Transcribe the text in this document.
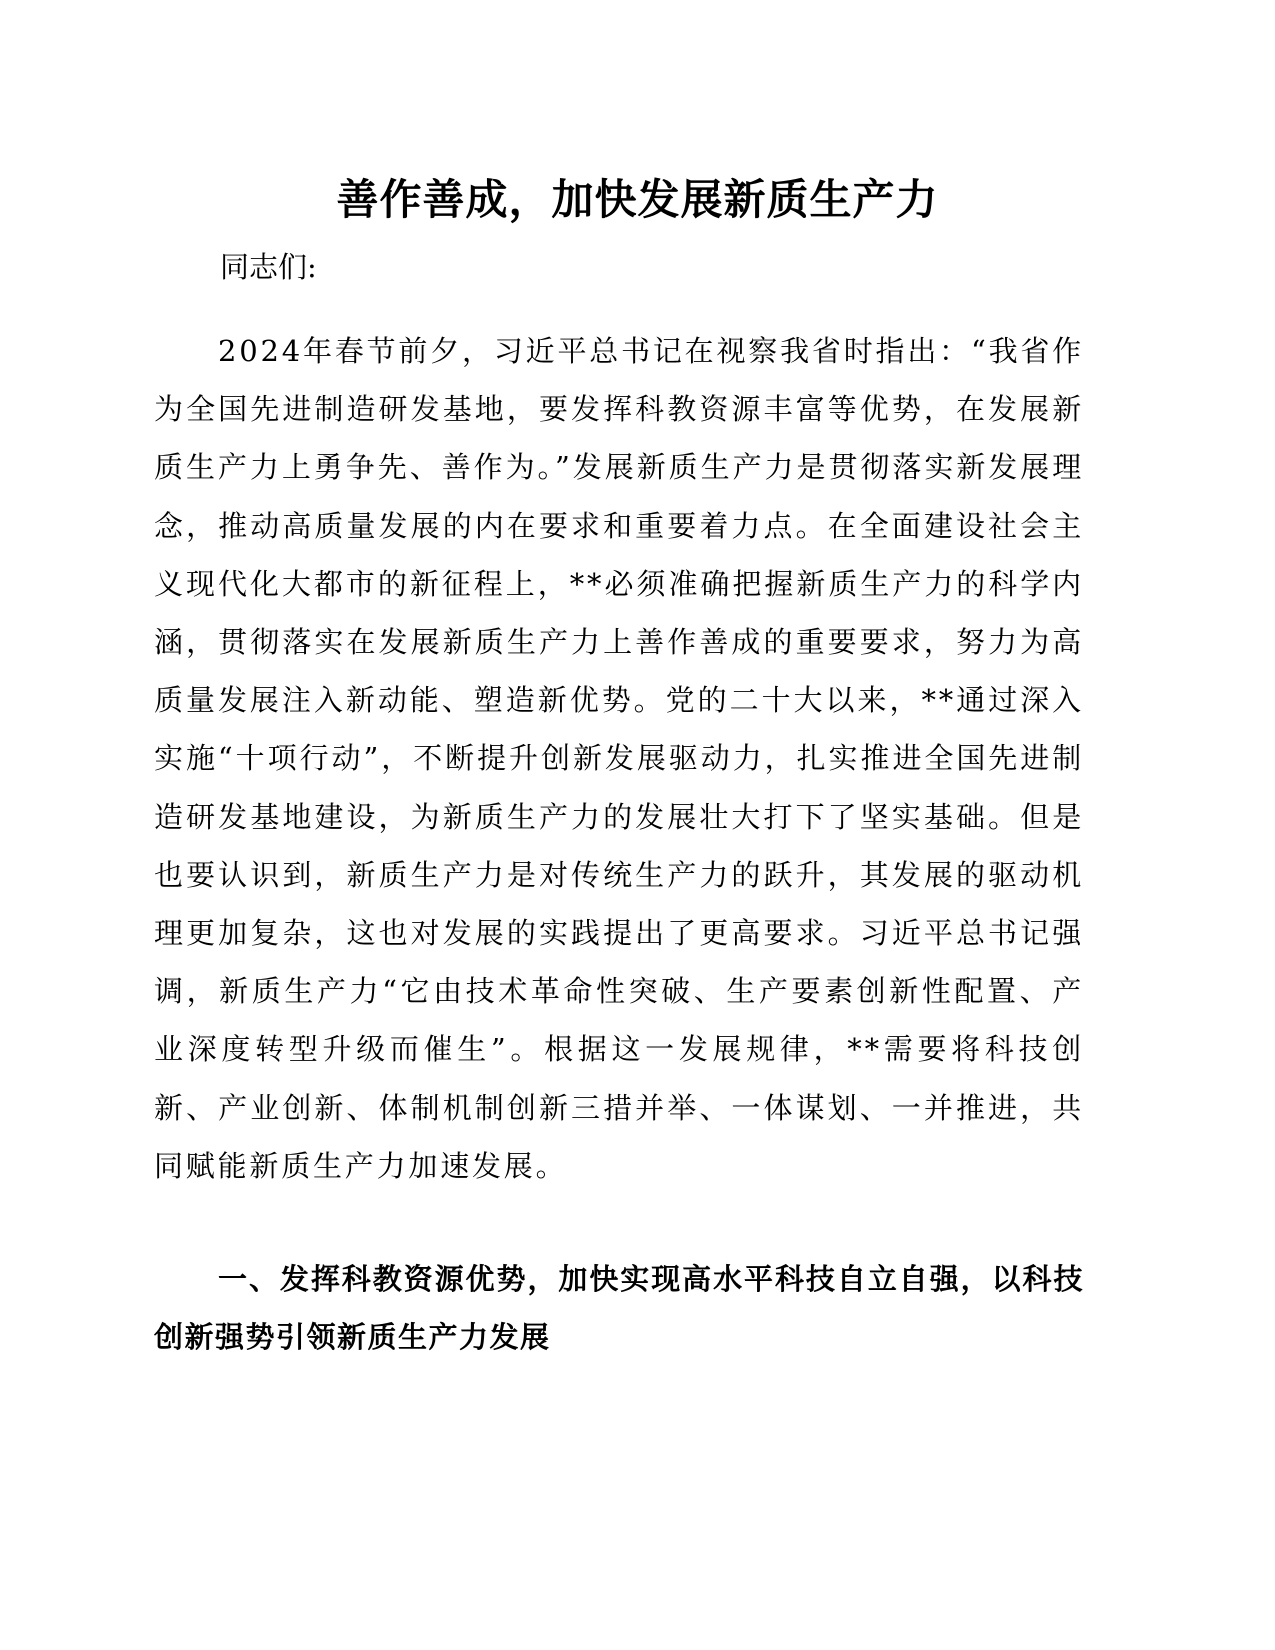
善作善成，加快发展新质生产力

同志们:

2024年春节前夕，习近平总书记在视察我省时指出：“我省作为全国先进制造研发基地，要发挥科教资源丰富等优势，在发展新质生产力上勇争先、善作为。”发展新质生产力是贯彻落实新发展理念，推动高质量发展的内在要求和重要着力点。在全面建设社会主义现代化大都市的新征程上，**必须准确把握新质生产力的科学内涵，贯彻落实在发展新质生产力上善作善成的重要要求，努力为高质量发展注入新动能、塑造新优势。党的二十大以来，**通过深入实施“十项行动”，不断提升创新发展驱动力，扎实推进全国先进制造研发基地建设，为新质生产力的发展壮大打下了坚实基础。但是也要认识到，新质生产力是对传统生产力的跃升，其发展的驱动机理更加复杂，这也对发展的实践提出了更高要求。习近平总书记强调，新质生产力“它由技术革命性突破、生产要素创新性配置、产业深度转型升级而催生”。根据这一发展规律，**需要将科技创新、产业创新、体制机制创新三措并举、一体谋划、一并推进，共同赋能新质生产力加速发展。

一、发挥科教资源优势，加快实现高水平科技自立自强，以科技创新强势引领新质生产力发展
